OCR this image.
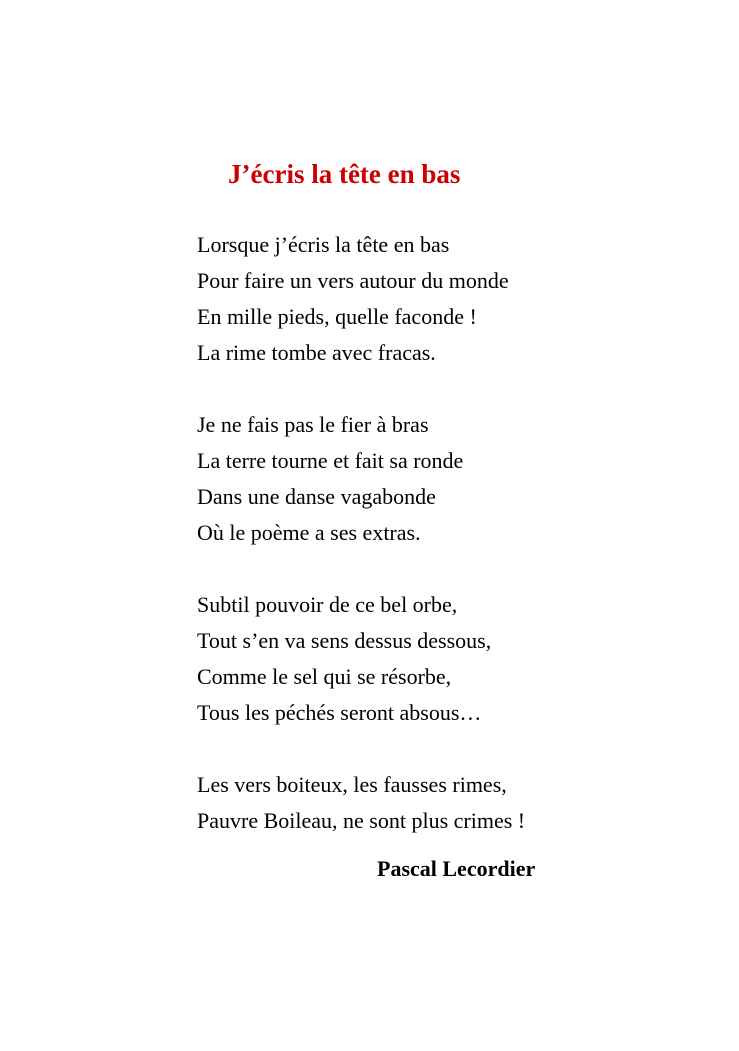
J’écris la tête en bas
Lorsque j’écris la tête en bas
Pour faire un vers autour du monde
En mille pieds, quelle faconde !
La rime tombe avec fracas.
Je ne fais pas le fier à bras
La terre tourne et fait sa ronde
Dans une danse vagabonde
Où le poème a ses extras.
Subtil pouvoir de ce bel orbe,
Tout s’en va sens dessus dessous,
Comme le sel qui se résorbe,
Tous les péchés seront absous…
Les vers boiteux, les fausses rimes,
Pauvre Boileau, ne sont plus crimes !
Pascal Lecordier
